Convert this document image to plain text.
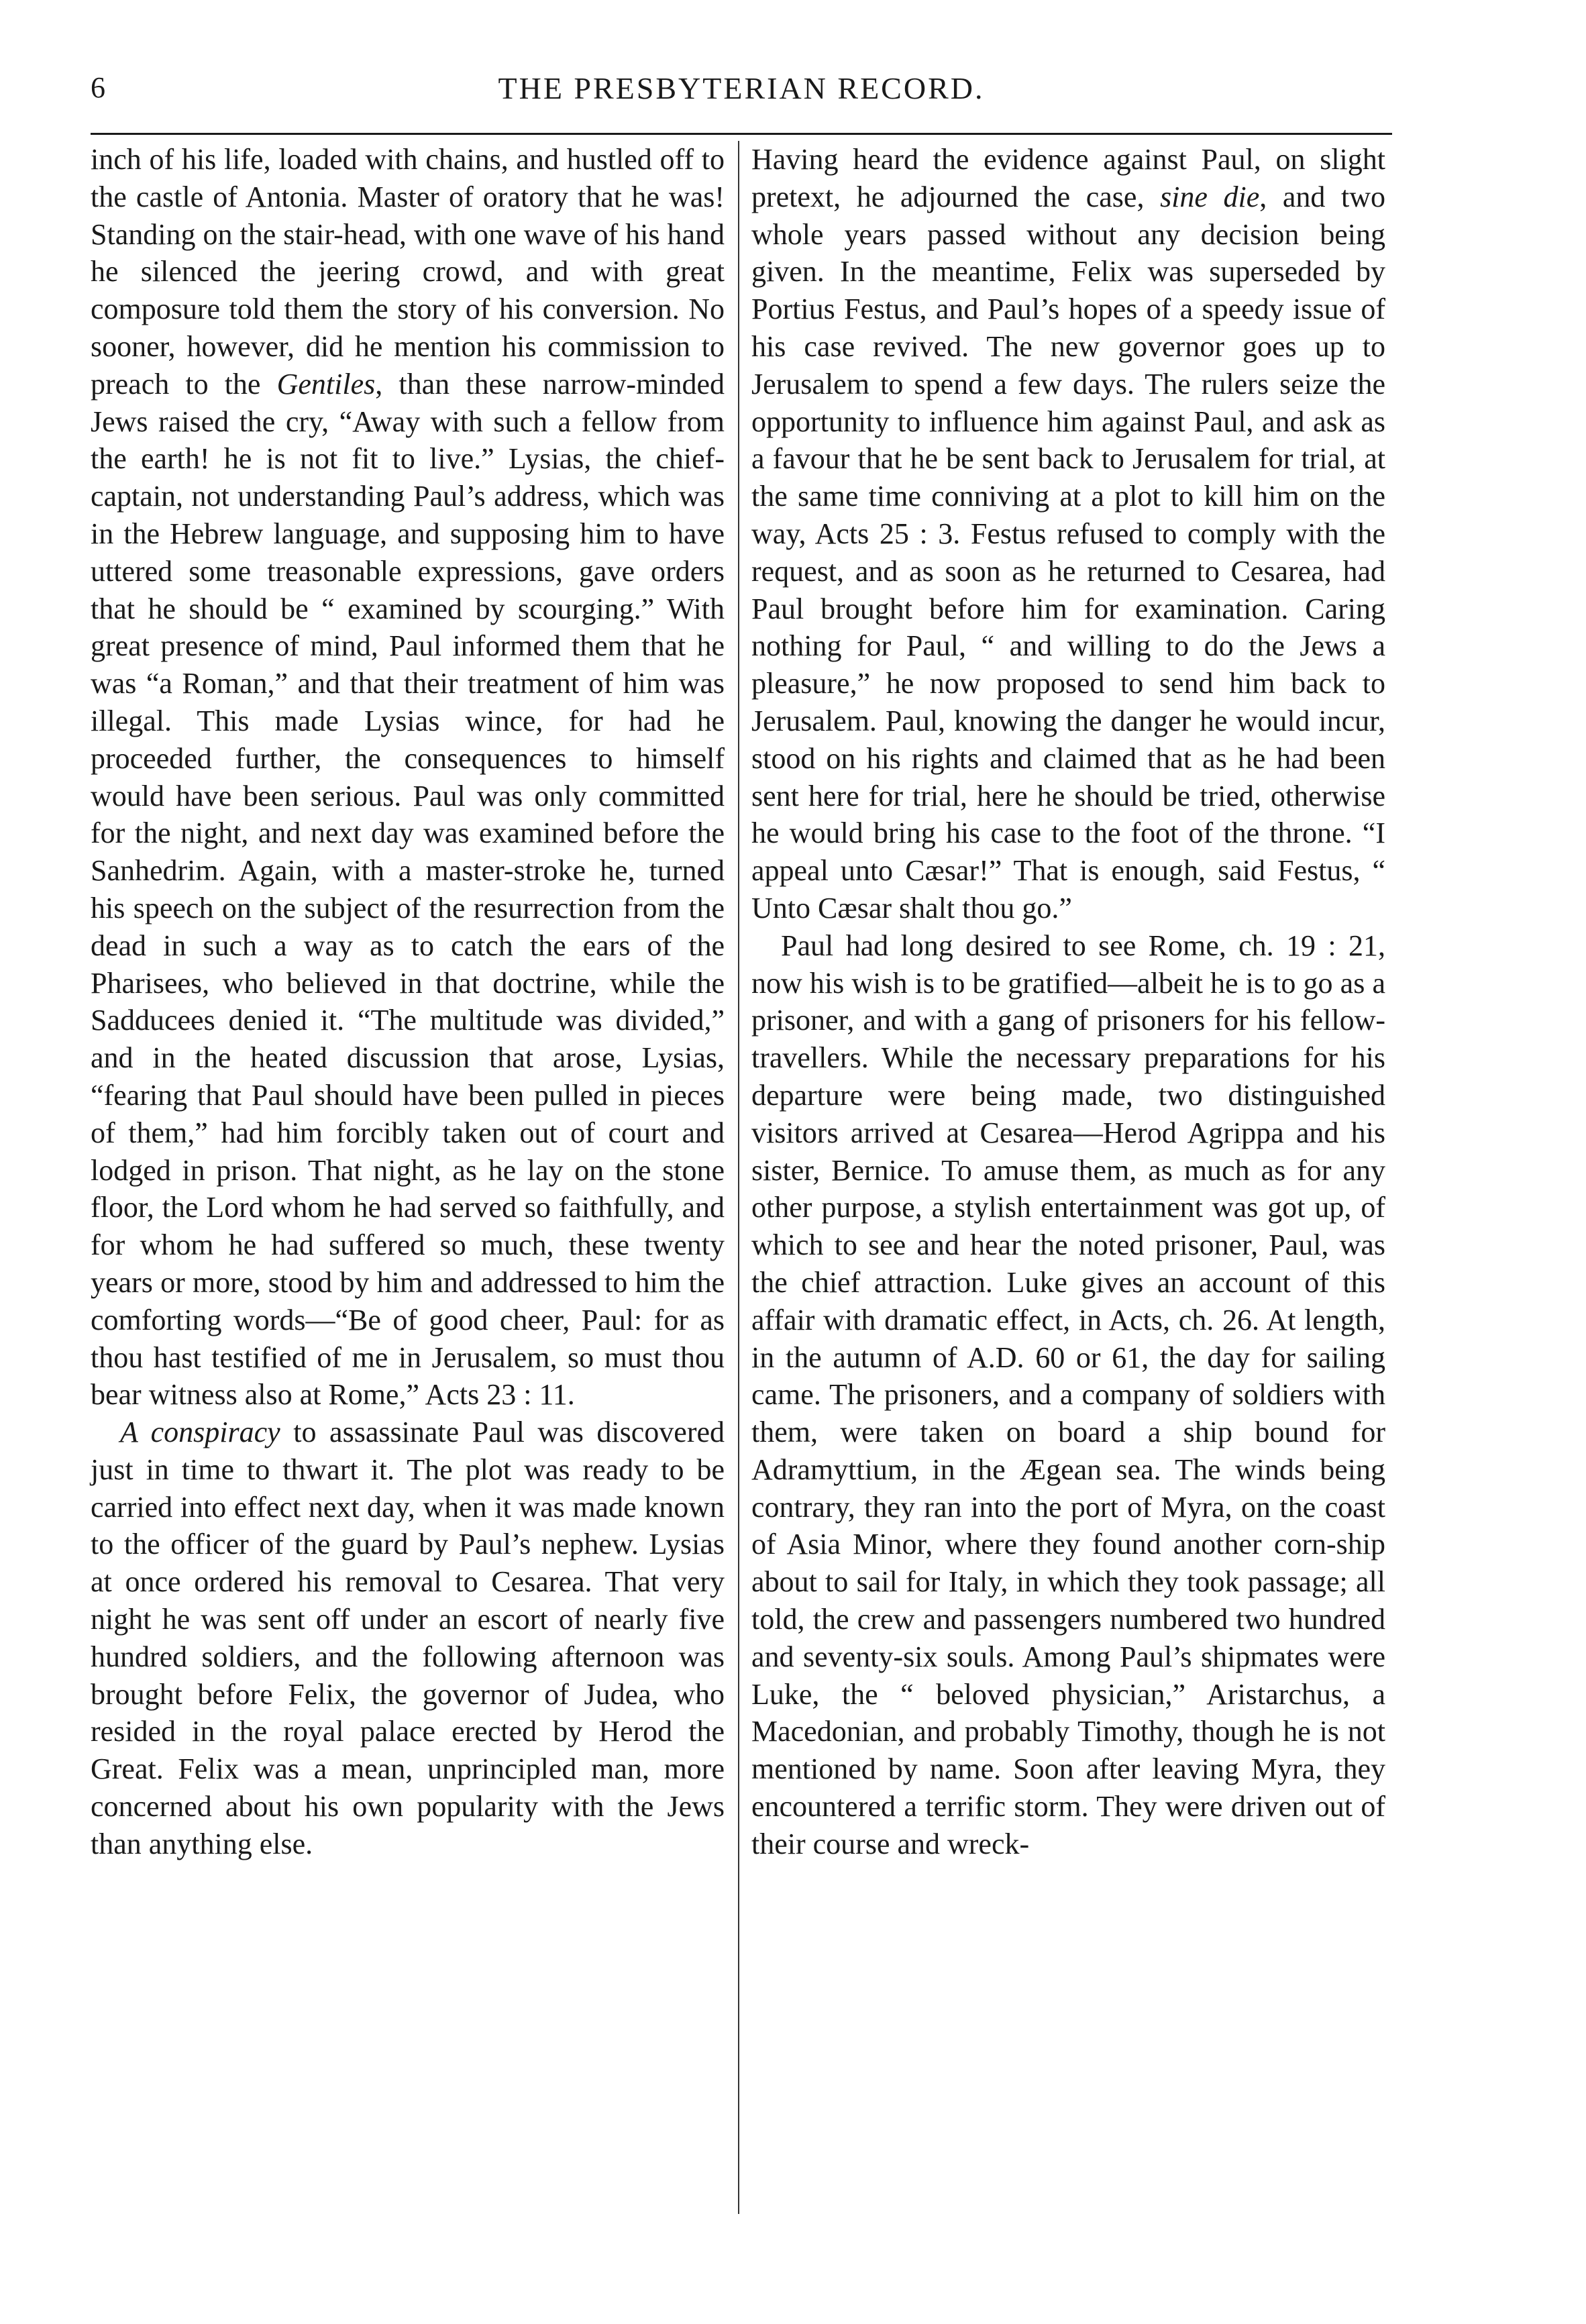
6	THE PRESBYTERIAN RECORD.

inch of his life, loaded with chains, and hustled off to the castle of Antonia. Master of oratory that he was! Standing on the stair-head, with one wave of his hand he silenced the jeering crowd, and with great composure told them the story of his conversion. No sooner, however, did he mention his commission to preach to the Gentiles, than these narrow-minded Jews raised the cry, “Away with such a fellow from the earth! he is not fit to live.” Lysias, the chief-captain, not understanding Paul’s address, which was in the Hebrew language, and supposing him to have uttered some treasonable expressions, gave orders that he should be “ examined by scourging.” With great presence of mind, Paul informed them that he was “a Roman,” and that their treatment of him was illegal. This made Lysias wince, for had he proceeded further, the consequences to himself would have been serious. Paul was only committed for the night, and next day was examined before the Sanhedrim. Again, with a master-stroke he, turned his speech on the subject of the resurrection from the dead in such a way as to catch the ears of the Pharisees, who believed in that doctrine, while the Sadducees denied it. “The multitude was divided,” and in the heated discussion that arose, Lysias, “fearing that Paul should have been pulled in pieces of them,” had him forcibly taken out of court and lodged in prison. That night, as he lay on the stone floor, the Lord whom he had served so faithfully, and for whom he had suffered so much, these twenty years or more, stood by him and addressed to him the comforting words—“Be of good cheer, Paul: for as thou hast testified of me in Jerusalem, so must thou bear witness also at Rome,” Acts 23 : 11.

A conspiracy to assassinate Paul was discovered just in time to thwart it. The plot was ready to be carried into effect next day, when it was made known to the officer of the guard by Paul’s nephew. Lysias at once ordered his removal to Cesarea. That very night he was sent off under an escort of nearly five hundred soldiers, and the following afternoon was brought before Felix, the governor of Judea, who resided in the royal palace erected by Herod the Great. Felix was a mean, unprincipled man, more concerned about his own popularity with the Jews than anything else.

Having heard the evidence against Paul, on slight pretext, he adjourned the case, sine die, and two whole years passed without any decision being given. In the meantime, Felix was superseded by Portius Festus, and Paul’s hopes of a speedy issue of his case revived. The new governor goes up to Jerusalem to spend a few days. The rulers seize the opportunity to influence him against Paul, and ask as a favour that he be sent back to Jerusalem for trial, at the same time conniving at a plot to kill him on the way, Acts 25 : 3. Festus refused to comply with the request, and as soon as he returned to Cesarea, had Paul brought before him for examination. Caring nothing for Paul, “ and willing to do the Jews a pleasure,” he now proposed to send him back to Jerusalem. Paul, knowing the danger he would incur, stood on his rights and claimed that as he had been sent here for trial, here he should be tried, otherwise he would bring his case to the foot of the throne. “I appeal unto Cæsar!” That is enough, said Festus, “ Unto Cæsar shalt thou go.”

Paul had long desired to see Rome, ch. 19 : 21, now his wish is to be gratified—albeit he is to go as a prisoner, and with a gang of prisoners for his fellow-travellers. While the necessary preparations for his departure were being made, two distinguished visitors arrived at Cesarea—Herod Agrippa and his sister, Bernice. To amuse them, as much as for any other purpose, a stylish entertainment was got up, of which to see and hear the noted prisoner, Paul, was the chief attraction. Luke gives an account of this affair with dramatic effect, in Acts, ch. 26. At length, in the autumn of A.D. 60 or 61, the day for sailing came. The prisoners, and a company of soldiers with them, were taken on board a ship bound for Adramyttium, in the Ægean sea. The winds being contrary, they ran into the port of Myra, on the coast of Asia Minor, where they found another corn-ship about to sail for Italy, in which they took passage; all told, the crew and passengers numbered two hundred and seventy-six souls. Among Paul’s shipmates were Luke, the “ beloved physician,” Aristarchus, a Macedonian, and probably Timothy, though he is not mentioned by name. Soon after leaving Myra, they encountered a terrific storm. They were driven out of their course and wreck-
